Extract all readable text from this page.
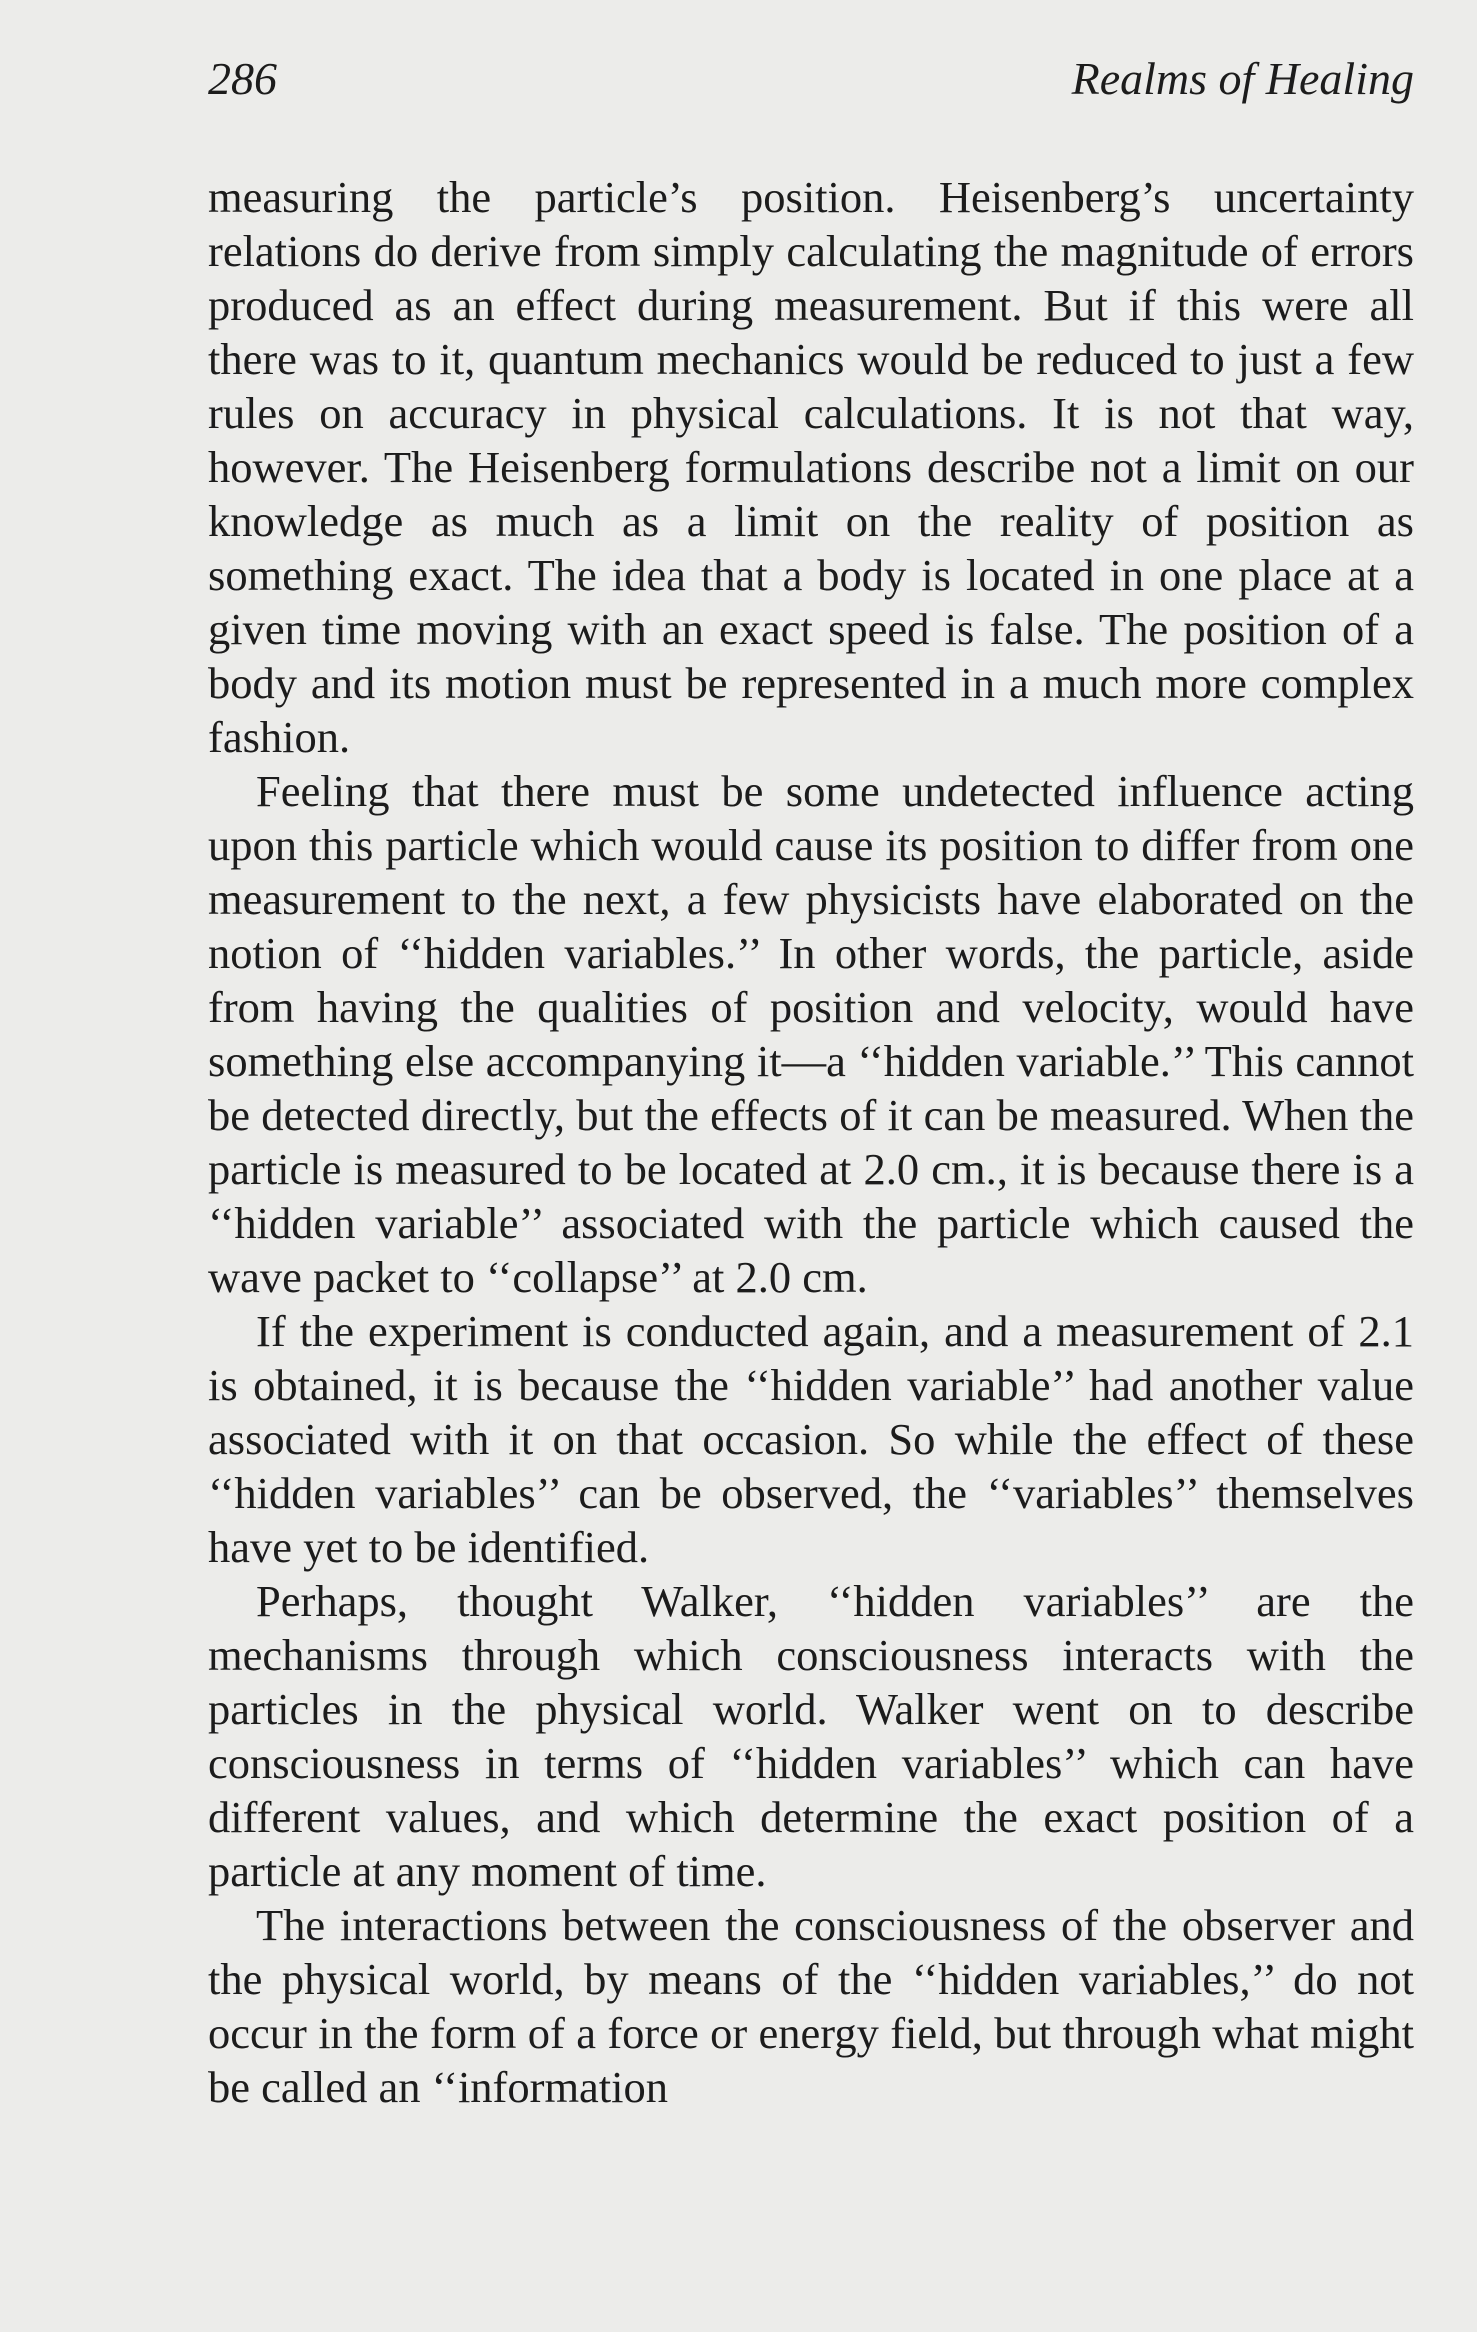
286	Realms of Healing

measuring the particle’s position. Heisenberg’s uncertainty relations do derive from simply calculating the magnitude of errors produced as an effect during measurement. But if this were all there was to it, quantum mechanics would be reduced to just a few rules on accuracy in physical calculations. It is not that way, however. The Heisenberg formulations describe not a limit on our knowledge as much as a limit on the reality of position as something exact. The idea that a body is located in one place at a given time moving with an exact speed is false. The position of a body and its motion must be represented in a much more complex fashion.

Feeling that there must be some undetected influence acting upon this particle which would cause its position to differ from one measurement to the next, a few physicists have elaborated on the notion of ‘‘hidden variables.’’ In other words, the particle, aside from having the qualities of position and velocity, would have something else accompanying it—a ‘‘hidden variable.’’ This cannot be detected directly, but the effects of it can be measured. When the particle is measured to be located at 2.0 cm., it is because there is a ‘‘hidden variable’’ associated with the particle which caused the wave packet to ‘‘collapse’’ at 2.0 cm.

If the experiment is conducted again, and a measurement of 2.1 is obtained, it is because the ‘‘hidden variable’’ had another value associated with it on that occasion. So while the effect of these ‘‘hidden variables’’ can be observed, the ‘‘variables’’ themselves have yet to be identified.

Perhaps, thought Walker, ‘‘hidden variables’’ are the mechanisms through which consciousness interacts with the particles in the physical world. Walker went on to describe consciousness in terms of ‘‘hidden variables’’ which can have different values, and which determine the exact position of a particle at any moment of time.

The interactions between the consciousness of the observer and the physical world, by means of the ‘‘hidden variables,’’ do not occur in the form of a force or energy field, but through what might be called an ‘‘information
